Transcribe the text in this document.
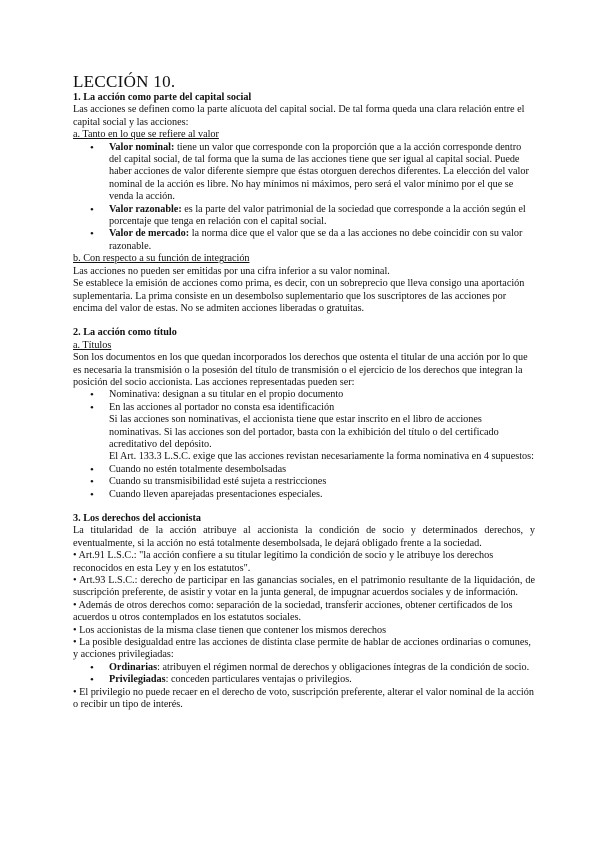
LECCIÓN 10.

1. La acción como parte del capital social

Las acciones se definen como la parte alícuota del capital social. De tal forma queda una clara relación entre el capital social y las acciones:

a. Tanto en lo que se refiere al valor

• Valor nominal: tiene un valor que corresponde con la proporción que a la acción corresponde dentro del capital social, de tal forma que la suma de las acciones tiene que ser igual al capital social. Puede haber acciones de valor diferente siempre que éstas otorguen derechos diferentes. La elección del valor nominal de la acción es libre. No hay mínimos ni máximos, pero será el valor mínimo por el que se venda la acción.
• Valor razonable: es la parte del valor patrimonial de la sociedad que corresponde a la acción según el porcentaje que tenga en relación con el capital social.
• Valor de mercado: la norma dice que el valor que se da a las acciones no debe coincidir con su valor razonable.

b. Con respecto a su función de integración

Las acciones no pueden ser emitidas por una cifra inferior a su valor nominal.

Se establece la emisión de acciones como prima, es decir, con un sobreprecio que lleva consigo una aportación suplementaria. La prima consiste en un desembolso suplementario que los suscriptores de las acciones por encima del valor de estas. No se admiten acciones liberadas o gratuitas.

2. La acción como título

a. Títulos

Son los documentos en los que quedan incorporados los derechos que ostenta el titular de una acción por lo que es necesaria la transmisión o la posesión del título de transmisión o el ejercicio de los derechos que integran la posición del socio accionista. Las acciones representadas pueden ser:

• Nominativa: designan a su titular en el propio documento
• En las acciones al portador no consta esa identificación

Si las acciones son nominativas, el accionista tiene que estar inscrito en el libro de acciones nominativas. Si las acciones son del portador, basta con la exhibición del título o del certificado acreditativo del depósito.

El Art. 133.3 L.S.C. exige que las acciones revistan necesariamente la forma nominativa en 4 supuestos:

• Cuando no estén totalmente desembolsadas
• Cuando su transmisibilidad esté sujeta a restricciones
• Cuando lleven aparejadas presentaciones especiales.

3. Los derechos del accionista

La titularidad de la acción atribuye al accionista la condición de socio y determinados derechos, y eventualmente, si la acción no está totalmente desembolsada, le dejará obligado frente a la sociedad.

• Art.91 L.S.C.: "la acción confiere a su titular legítimo la condición de socio y le atribuye los derechos reconocidos en esta Ley y en los estatutos".

• Art.93 L.S.C.: derecho de participar en las ganancias sociales, en el patrimonio resultante de la liquidación, de suscripción preferente, de asistir y votar en la junta general, de impugnar acuerdos sociales y de información.

• Además de otros derechos como: separación de la sociedad, transferir acciones, obtener certificados de los acuerdos u otros contemplados en los estatutos sociales.

• Los accionistas de la misma clase tienen que contener los mismos derechos

• La posible desigualdad entre las acciones de distinta clase permite de hablar de acciones ordinarias o comunes, y acciones privilegiadas:

• Ordinarias: atribuyen el régimen normal de derechos y obligaciones íntegras de la condición de socio.
• Privilegiadas: conceden particulares ventajas o privilegios.

• El privilegio no puede recaer en el derecho de voto, suscripción preferente, alterar el valor nominal de la acción o recibir un tipo de interés.
